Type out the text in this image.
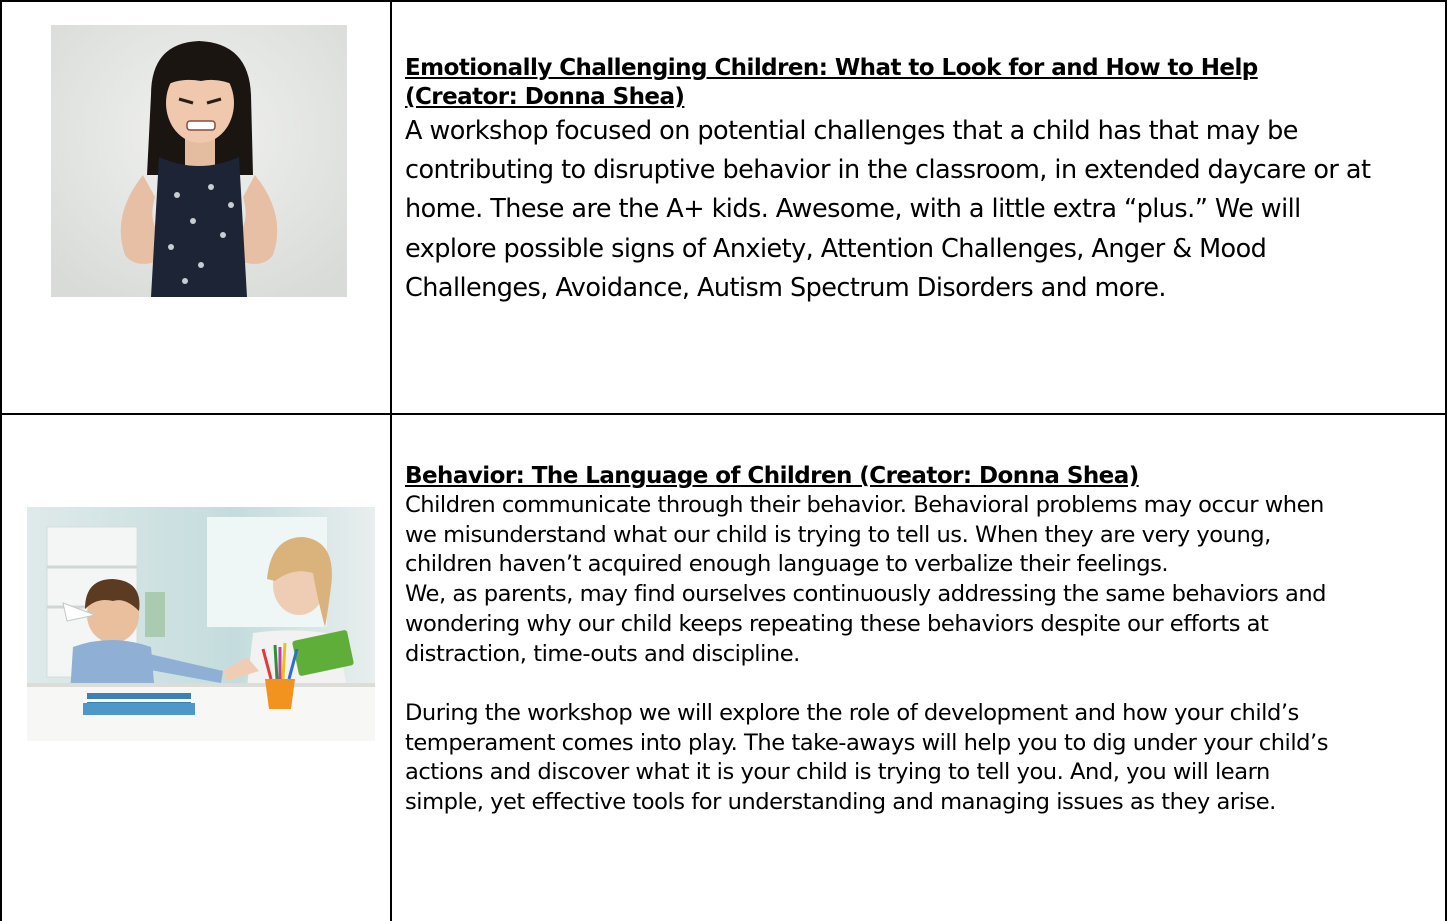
Emotionally Challenging Children: What to Look for and How to Help
(Creator: Donna Shea)

A workshop focused on potential challenges that a child has that may be
contributing to disruptive behavior in the classroom, in extended daycare or at
home. These are the A+ kids. Awesome, with a little extra “plus.” We will
explore possible signs of Anxiety, Attention Challenges, Anger & Mood
Challenges, Avoidance, Autism Spectrum Disorders and more.

Behavior: The Language of Children (Creator: Donna Shea)

Children communicate through their behavior. Behavioral problems may occur when
we misunderstand what our child is trying to tell us. When they are very young,
children haven’t acquired enough language to verbalize their feelings.
We, as parents, may find ourselves continuously addressing the same behaviors and
wondering why our child keeps repeating these behaviors despite our efforts at
distraction, time-outs and discipline.

During the workshop we will explore the role of development and how your child’s
temperament comes into play. The take-aways will help you to dig under your child’s
actions and discover what it is your child is trying to tell you. And, you will learn
simple, yet effective tools for understanding and managing issues as they arise.
